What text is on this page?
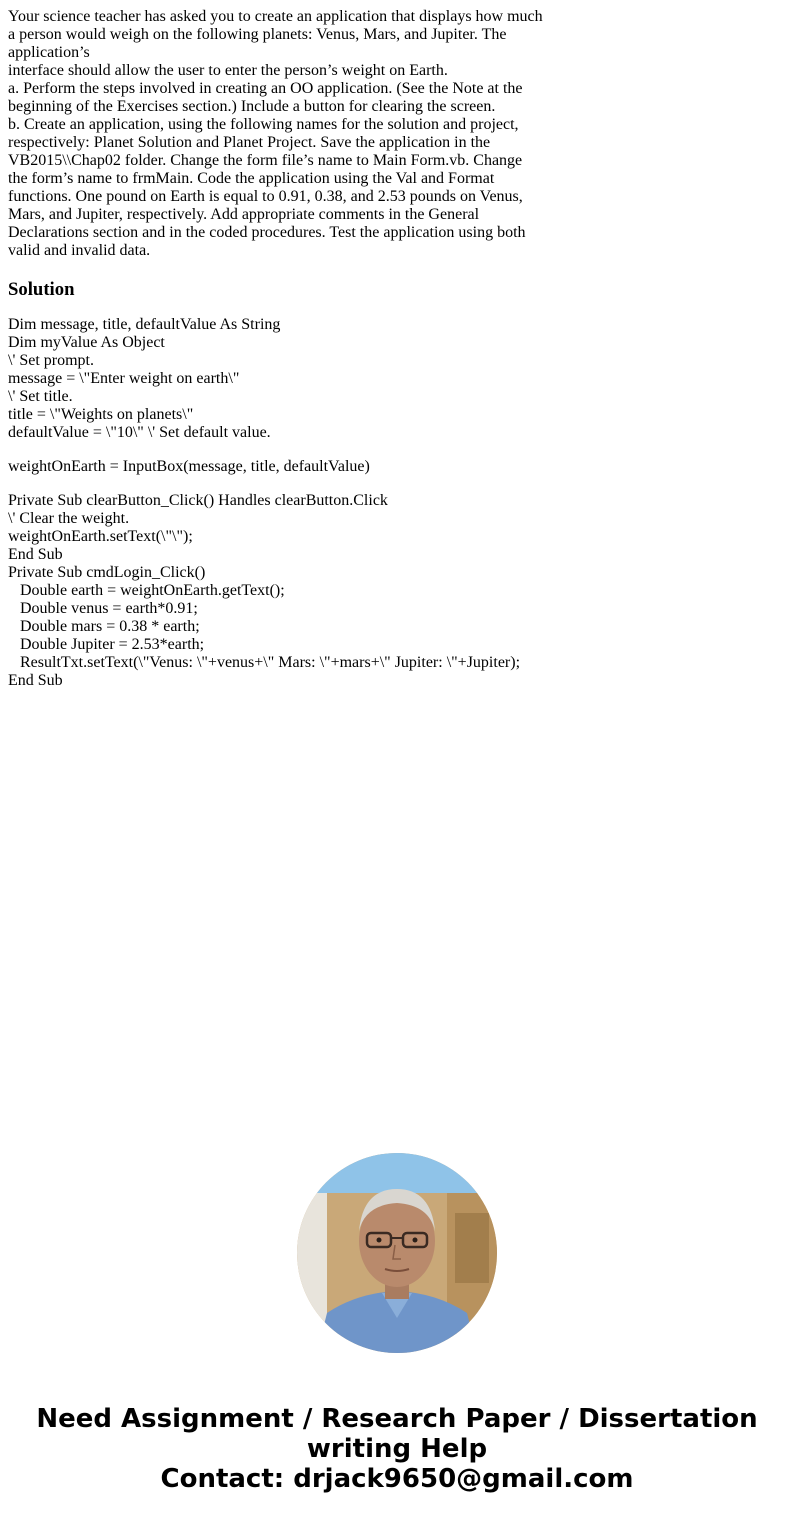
Your science teacher has asked you to create an application that displays how much
a person would weigh on the following planets: Venus, Mars, and Jupiter. The
application’s
interface should allow the user to enter the person’s weight on Earth.
a. Perform the steps involved in creating an OO application. (See the Note at the
beginning of the Exercises section.) Include a button for clearing the screen.
b. Create an application, using the following names for the solution and project,
respectively: Planet Solution and Planet Project. Save the application in the
VB2015\\Chap02 folder. Change the form file’s name to Main Form.vb. Change
the form’s name to frmMain. Code the application using the Val and Format
functions. One pound on Earth is equal to 0.91, 0.38, and 2.53 pounds on Venus,
Mars, and Jupiter, respectively. Add appropriate comments in the General
Declarations section and in the coded procedures. Test the application using both
valid and invalid data.

Solution
Dim message, title, defaultValue As String
Dim myValue As Object
\' Set prompt.
message = \"Enter weight on earth\"
\' Set title.
title = \"Weights on planets\"
defaultValue = \"10\" \' Set default value.
weightOnEarth = InputBox(message, title, defaultValue)
Private Sub clearButton_Click() Handles clearButton.Click
\' Clear the weight.
weightOnEarth.setText(\"\");
End Sub
Private Sub cmdLogin_Click()
Double earth = weightOnEarth.getText();
Double venus = earth*0.91;
Double mars = 0.38 * earth;
Double Jupiter = 2.53*earth;
ResultTxt.setText(\"Venus: \"+venus+\" Mars: \"+mars+\" Jupiter: \"+Jupiter);
End Sub
Need Assignment / Research Paper / Dissertation
writing Help
Contact: drjack9650@gmail.com
